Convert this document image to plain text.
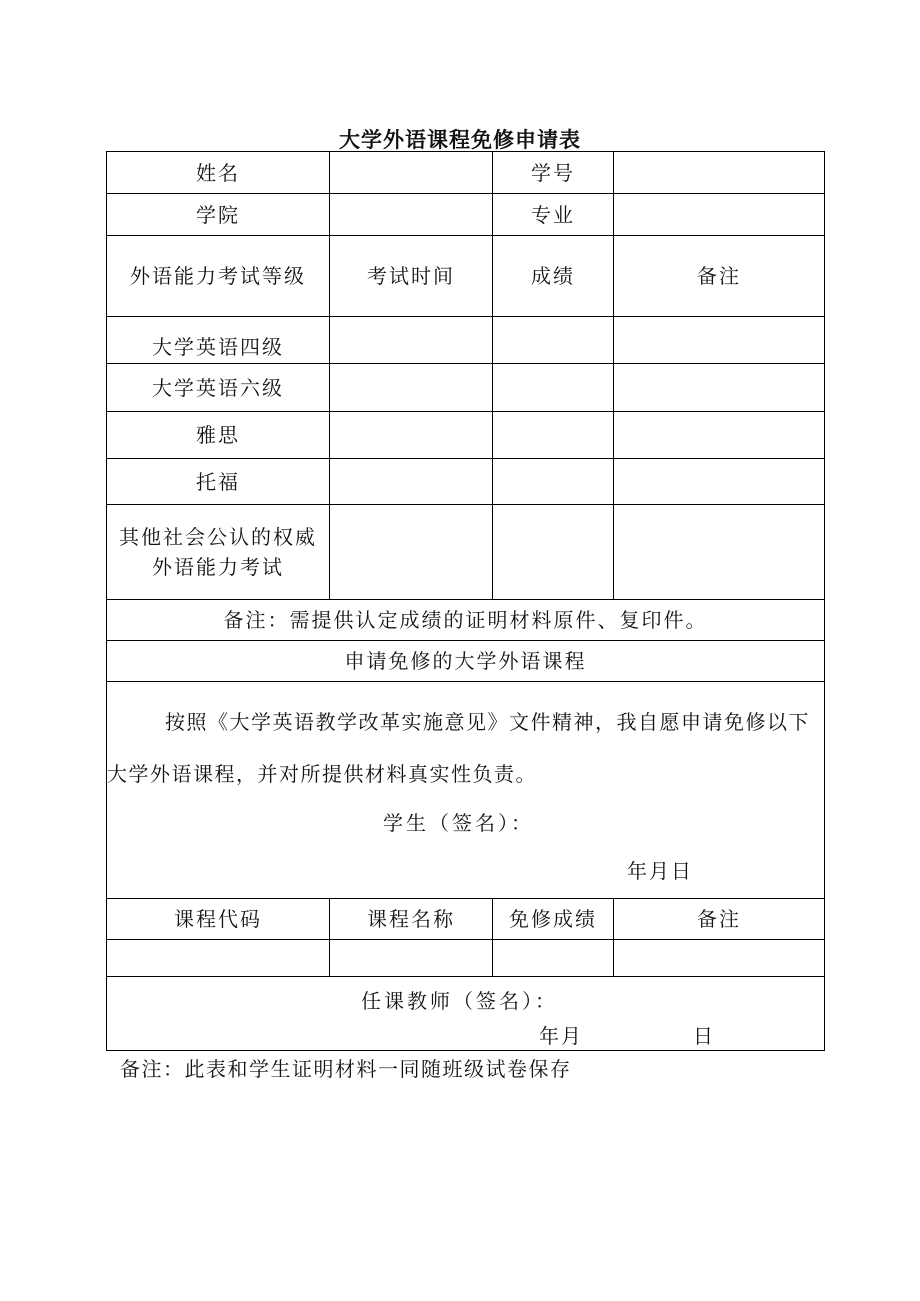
大学外语课程免修申请表
姓名		学号	
学院		专业	
外语能力考试等级	考试时间	成绩	备注
大学英语四级			
大学英语六级			
雅思			
托福			
其他社会公认的权威外语能力考试			
备注：需提供认定成绩的证明材料原件、复印件。			
申请免修的大学外语课程			

按照《大学英语教学改革实施意见》文件精神，我自愿申请免修以下大学外语课程，并对所提供材料真实性负责。

学生（签名）：
年月日			

课程代码	课程名称	免修成绩	备注

任课教师（签名）：
年月 日			
备注：此表和学生证明材料一同随班级试卷保存
